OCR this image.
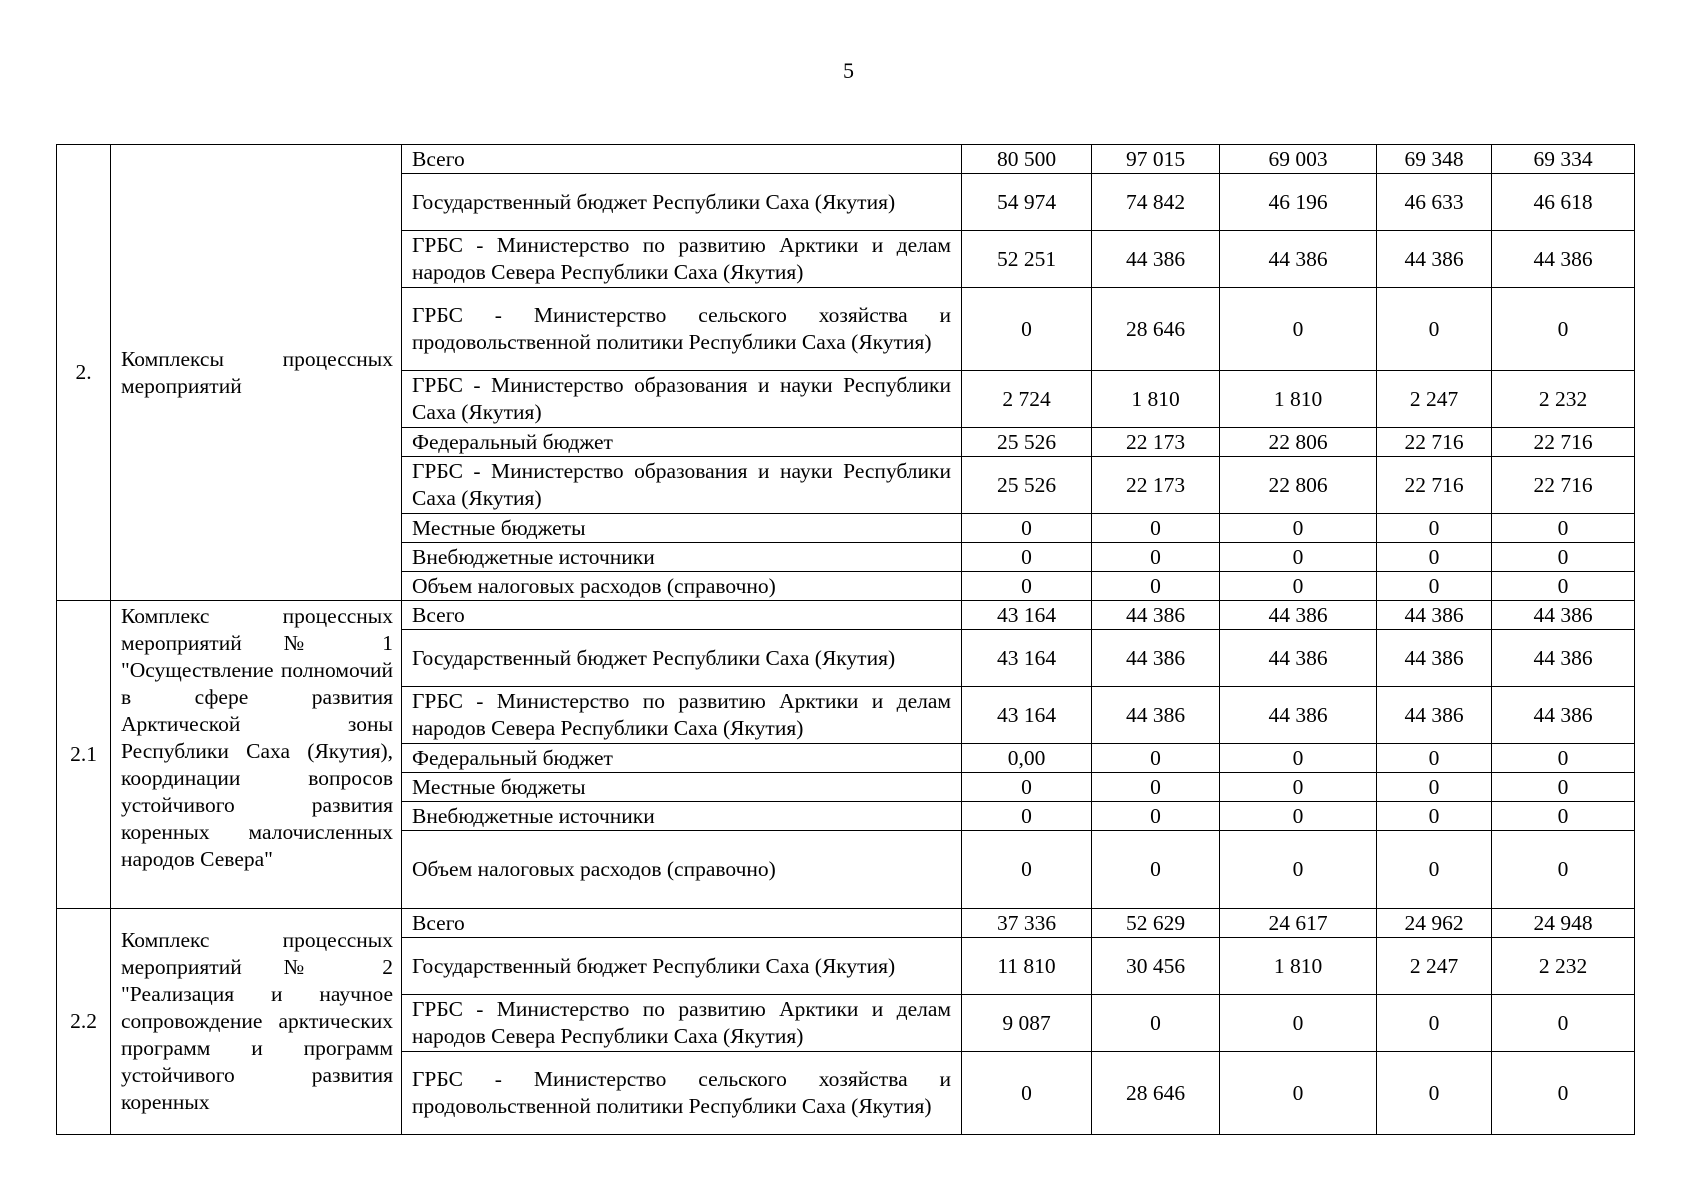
5
2.	Комплексы процессных мероприятий	Всего	80 500	97 015	69 003	69 348	69 334
		Государственный бюджет Республики Саха (Якутия)	54 974	74 842	46 196	46 633	46 618
		ГРБС - Министерство по развитию Арктики и делам народов Севера Республики Саха (Якутия)	52 251	44 386	44 386	44 386	44 386
		ГРБС - Министерство сельского хозяйства и продовольственной политики Республики Саха (Якутия)	0	28 646	0	0	0
		ГРБС - Министерство образования и науки Республики Саха (Якутия)	2 724	1 810	1 810	2 247	2 232
		Федеральный бюджет	25 526	22 173	22 806	22 716	22 716
		ГРБС - Министерство образования и науки Республики Саха (Якутия)	25 526	22 173	22 806	22 716	22 716
		Местные бюджеты	0	0	0	0	0
		Внебюджетные источники	0	0	0	0	0
		Объем налоговых расходов (справочно)	0	0	0	0	0
2.1	Комплекс процессных мероприятий № 1 "Осуществление полномочий в сфере развития Арктической зоны Республики Саха (Якутия), координации вопросов устойчивого развития коренных малочисленных народов Севера"	Всего	43 164	44 386	44 386	44 386	44 386
		Государственный бюджет Республики Саха (Якутия)	43 164	44 386	44 386	44 386	44 386
		ГРБС - Министерство по развитию Арктики и делам народов Севера Республики Саха (Якутия)	43 164	44 386	44 386	44 386	44 386
		Федеральный бюджет	0,00	0	0	0	0
		Местные бюджеты	0	0	0	0	0
		Внебюджетные источники	0	0	0	0	0
		Объем налоговых расходов (справочно)	0	0	0	0	0
2.2	Комплекс процессных мероприятий № 2 "Реализация и научное сопровождение арктических программ и программ устойчивого развития коренных	Всего	37 336	52 629	24 617	24 962	24 948
		Государственный бюджет Республики Саха (Якутия)	11 810	30 456	1 810	2 247	2 232
		ГРБС - Министерство по развитию Арктики и делам народов Севера Республики Саха (Якутия)	9 087	0	0	0	0
		ГРБС - Министерство сельского хозяйства и продовольственной политики Республики Саха (Якутия)	0	28 646	0	0	0
